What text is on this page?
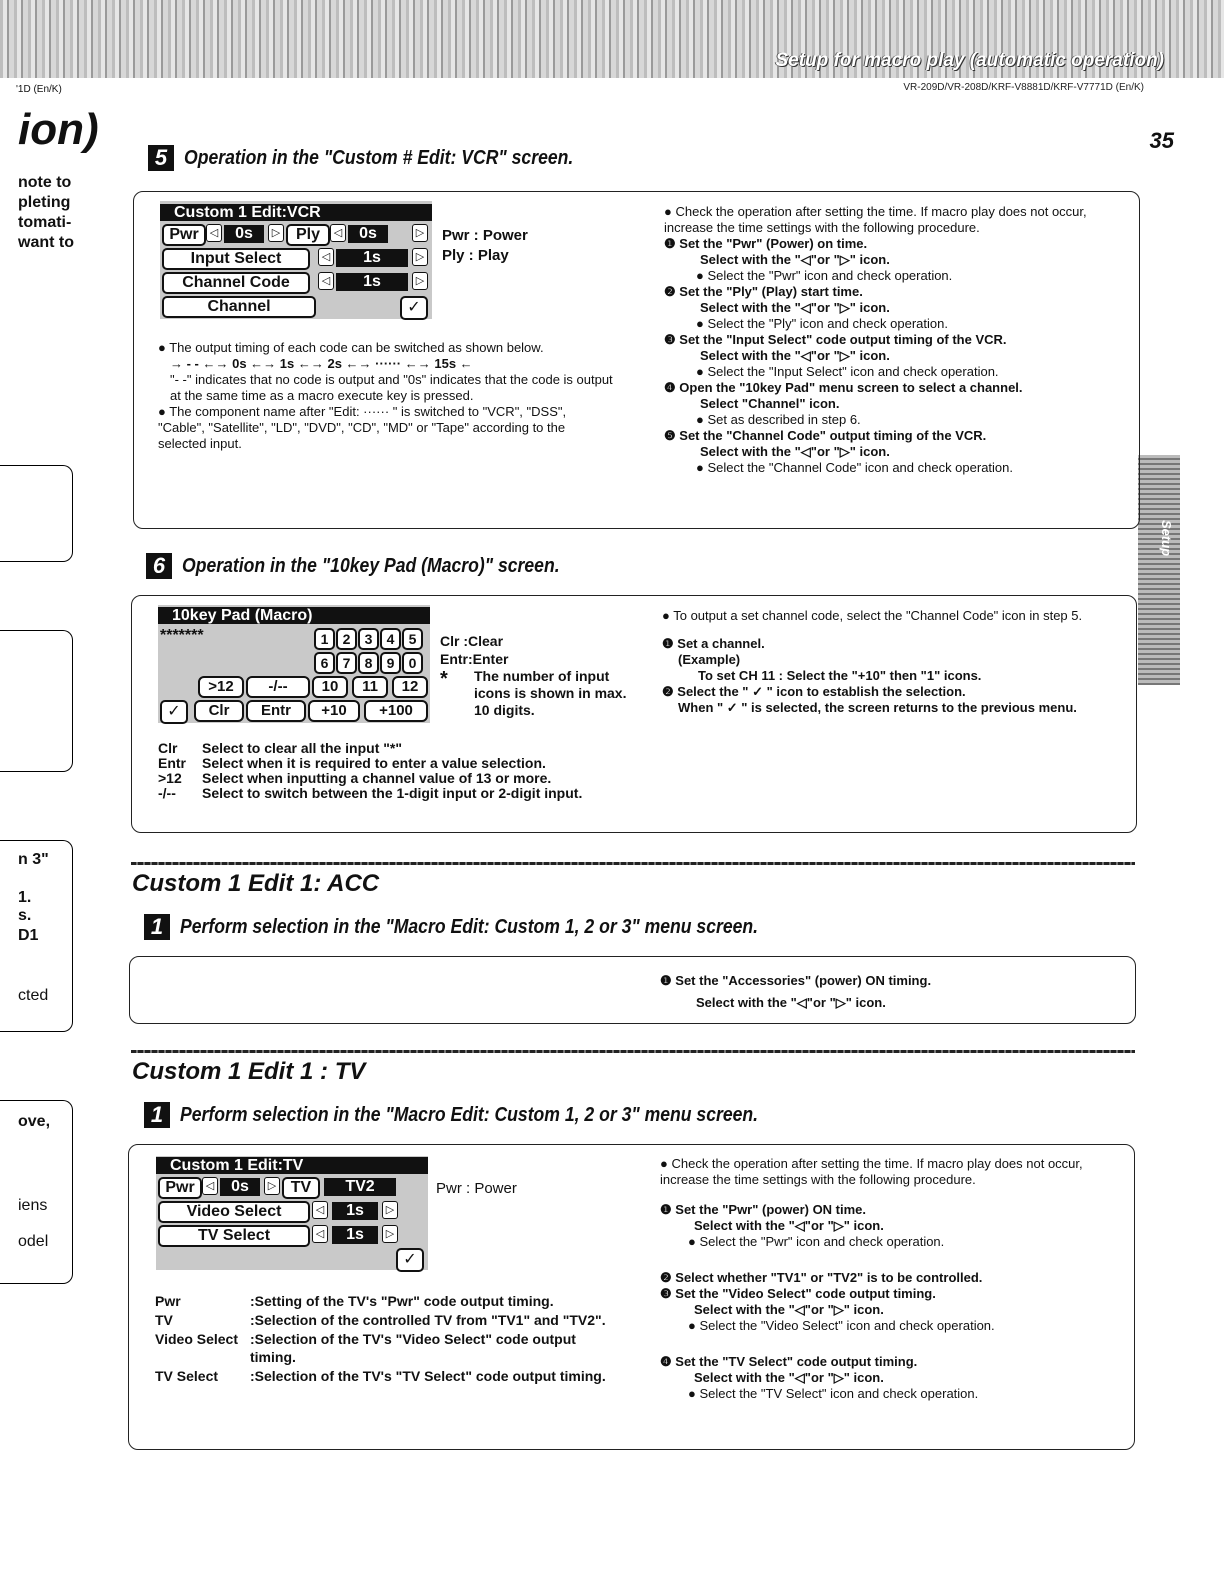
Setup for macro play (automatic operation)
VR-209D/VR-208D/KRF-V8881D/KRF-V7771D (En/K)
'1D (En/K)
35
Setup
ion)
note to
pleting
tomati-
want to
n 3"
1.
s.
D1
cted
ove,
iens
odel
5 Operation in the "Custom # Edit: VCR" screen.
Custom 1 Edit:VCR
Pwr	◁	0s	▷ Ply	◁	0s	▷
Input Select	◁	1s	▷
Channel Code	◁	1s	▷
Channel	✓
Pwr : Power
Ply : Play
● The output timing of each code can be switched as shown below.
→ - - ←→ 0s ←→ 1s ←→ 2s ←→ ······ ←→ 15s ←
"- -" indicates that no code is output and "0s" indicates that the code is output at the same time as a macro execute key is pressed.
● The component name after "Edit: ······ " is switched to "VCR", "DSS", "Cable", "Satellite", "LD", "DVD", "CD", "MD" or "Tape" according to the selected input.
● Check the operation after setting the time. If macro play does not occur, increase the time settings with the following procedure.
❶ Set the "Pwr" (Power) on time.
Select with the "◁"or "▷" icon.
● Select the "Pwr" icon and check operation.
❷ Set the "Ply" (Play) start time.
Select with the "◁"or "▷" icon.
● Select the "Ply" icon and check operation.
❸ Set the "Input Select" code output timing of the VCR.
Select with the "◁"or "▷" icon.
● Select the "Input Select" icon and check operation.
❹ Open the "10key Pad" menu screen to select a channel.
Select "Channel" icon.
● Set as described in step 6.
❺ Set the "Channel Code" output timing of the VCR.
Select with the "◁"or "▷" icon.
● Select the "Channel Code" icon and check operation.
6 Operation in the "10key Pad (Macro)" screen.
10key Pad (Macro)
*******	1	2	3	4	5
6	7	8	9	0
>12	-/--	10	11	12
✓	Clr	Entr	+10	+100
Clr :Clear
Entr:Enter
* The number of input icons is shown in max. 10 digits.
Clr	Select to clear all the input "*"
Entr	Select when it is required to enter a value selection.
>12	Select when inputting a channel value of 13 or more.
-/--	Select to switch between the 1-digit input or 2-digit input.
● To output a set channel code, select the "Channel Code" icon in step 5.
❶ Set a channel.
(Example)
To set CH 11 : Select the "+10" then "1" icons.
❷ Select the " ✓ " icon to establish the selection.
When " ✓ " is selected, the screen returns to the previous menu.
Custom 1 Edit 1: ACC
1 Perform selection in the "Macro Edit: Custom 1, 2 or 3" menu screen.
❶ Set the "Accessories" (power) ON timing.
Select with the "◁"or "▷" icon.
Custom 1 Edit 1 : TV
1 Perform selection in the "Macro Edit: Custom 1, 2 or 3" menu screen.
Custom 1 Edit:TV
Pwr	◁	0s	▷ TV	TV2
Video Select	◁	1s	▷
TV Select	◁	1s	▷
✓
Pwr : Power
Pwr	:Setting of the TV's "Pwr" code output timing.
TV	:Selection of the controlled TV from "TV1" and "TV2".
Video Select :Selection of the TV's "Video Select" code output timing.
TV Select	:Selection of the TV's "TV Select" code output timing.
● Check the operation after setting the time. If macro play does not occur, increase the time settings with the following procedure.
❶ Set the "Pwr" (power) ON time.
Select with the "◁"or "▷" icon.
● Select the "Pwr" icon and check operation.
❷ Select whether "TV1" or "TV2" is to be controlled.
❸ Set the "Video Select" code output timing.
Select with the "◁"or "▷" icon.
● Select the "Video Select" icon and check operation.
❹ Set the "TV Select" code output timing.
Select with the "◁"or "▷" icon.
● Select the "TV Select" icon and check operation.
